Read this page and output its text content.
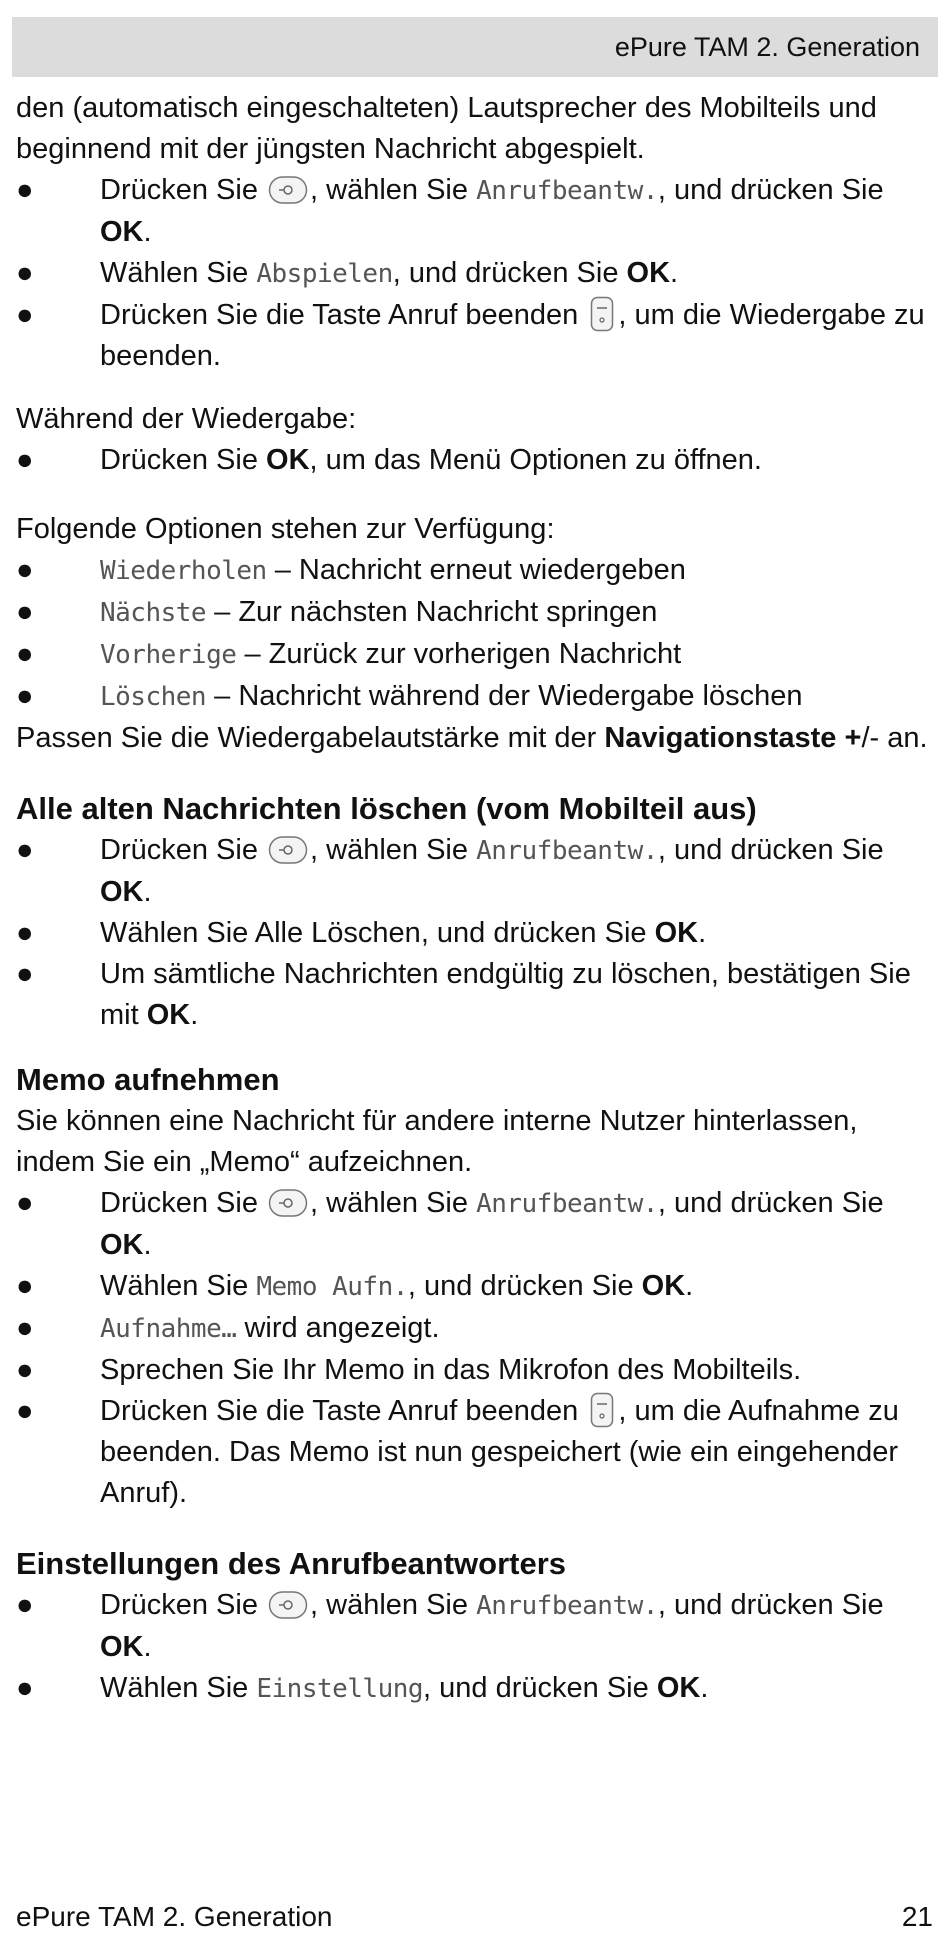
ePure TAM 2. Generation

den (automatisch eingeschalteten) Lautsprecher des Mobilteils und beginnend mit der jüngsten Nachricht abgespielt.

● Drücken Sie , wählen Sie Anrufbeantw., und drücken Sie OK.
● Wählen Sie Abspielen, und drücken Sie OK.
● Drücken Sie die Taste Anruf beenden , um die Wiedergabe zu beenden.

Während der Wiedergabe:

● Drücken Sie OK, um das Menü Optionen zu öffnen.

Folgende Optionen stehen zur Verfügung:

●	Wiederholen – Nachricht erneut wiedergeben
●	Nächste – Zur nächsten Nachricht springen
●	Vorherige – Zurück zur vorherigen Nachricht
●	Löschen – Nachricht während der Wiedergabe löschen

Passen Sie die Wiedergabelautstärke mit der Navigationstaste +/- an.

Alle alten Nachrichten löschen (vom Mobilteil aus)
● Drücken Sie , wählen Sie Anrufbeantw., und drücken Sie OK.
● Wählen Sie Alle Löschen, und drücken Sie OK.
● Um sämtliche Nachrichten endgültig zu löschen, bestätigen Sie mit OK.
Memo aufnehmen

Sie können eine Nachricht für andere interne Nutzer hinterlassen, indem Sie ein „Memo“ aufzeichnen.

● Drücken Sie , wählen Sie Anrufbeantw., und drücken Sie OK.
● Wählen Sie Memo Aufn., und drücken Sie OK.
●	Aufnahme… wird angezeigt.
● Sprechen Sie Ihr Memo in das Mikrofon des Mobilteils.
● Drücken Sie die Taste Anruf beenden , um die Aufnahme zu beenden. Das Memo ist nun gespeichert (wie ein eingehender Anruf).
Einstellungen des Anrufbeantworters
● Drücken Sie , wählen Sie Anrufbeantw., und drücken Sie OK.
● Wählen Sie Einstellung, und drücken Sie OK.
ePure TAM 2. Generation	21
